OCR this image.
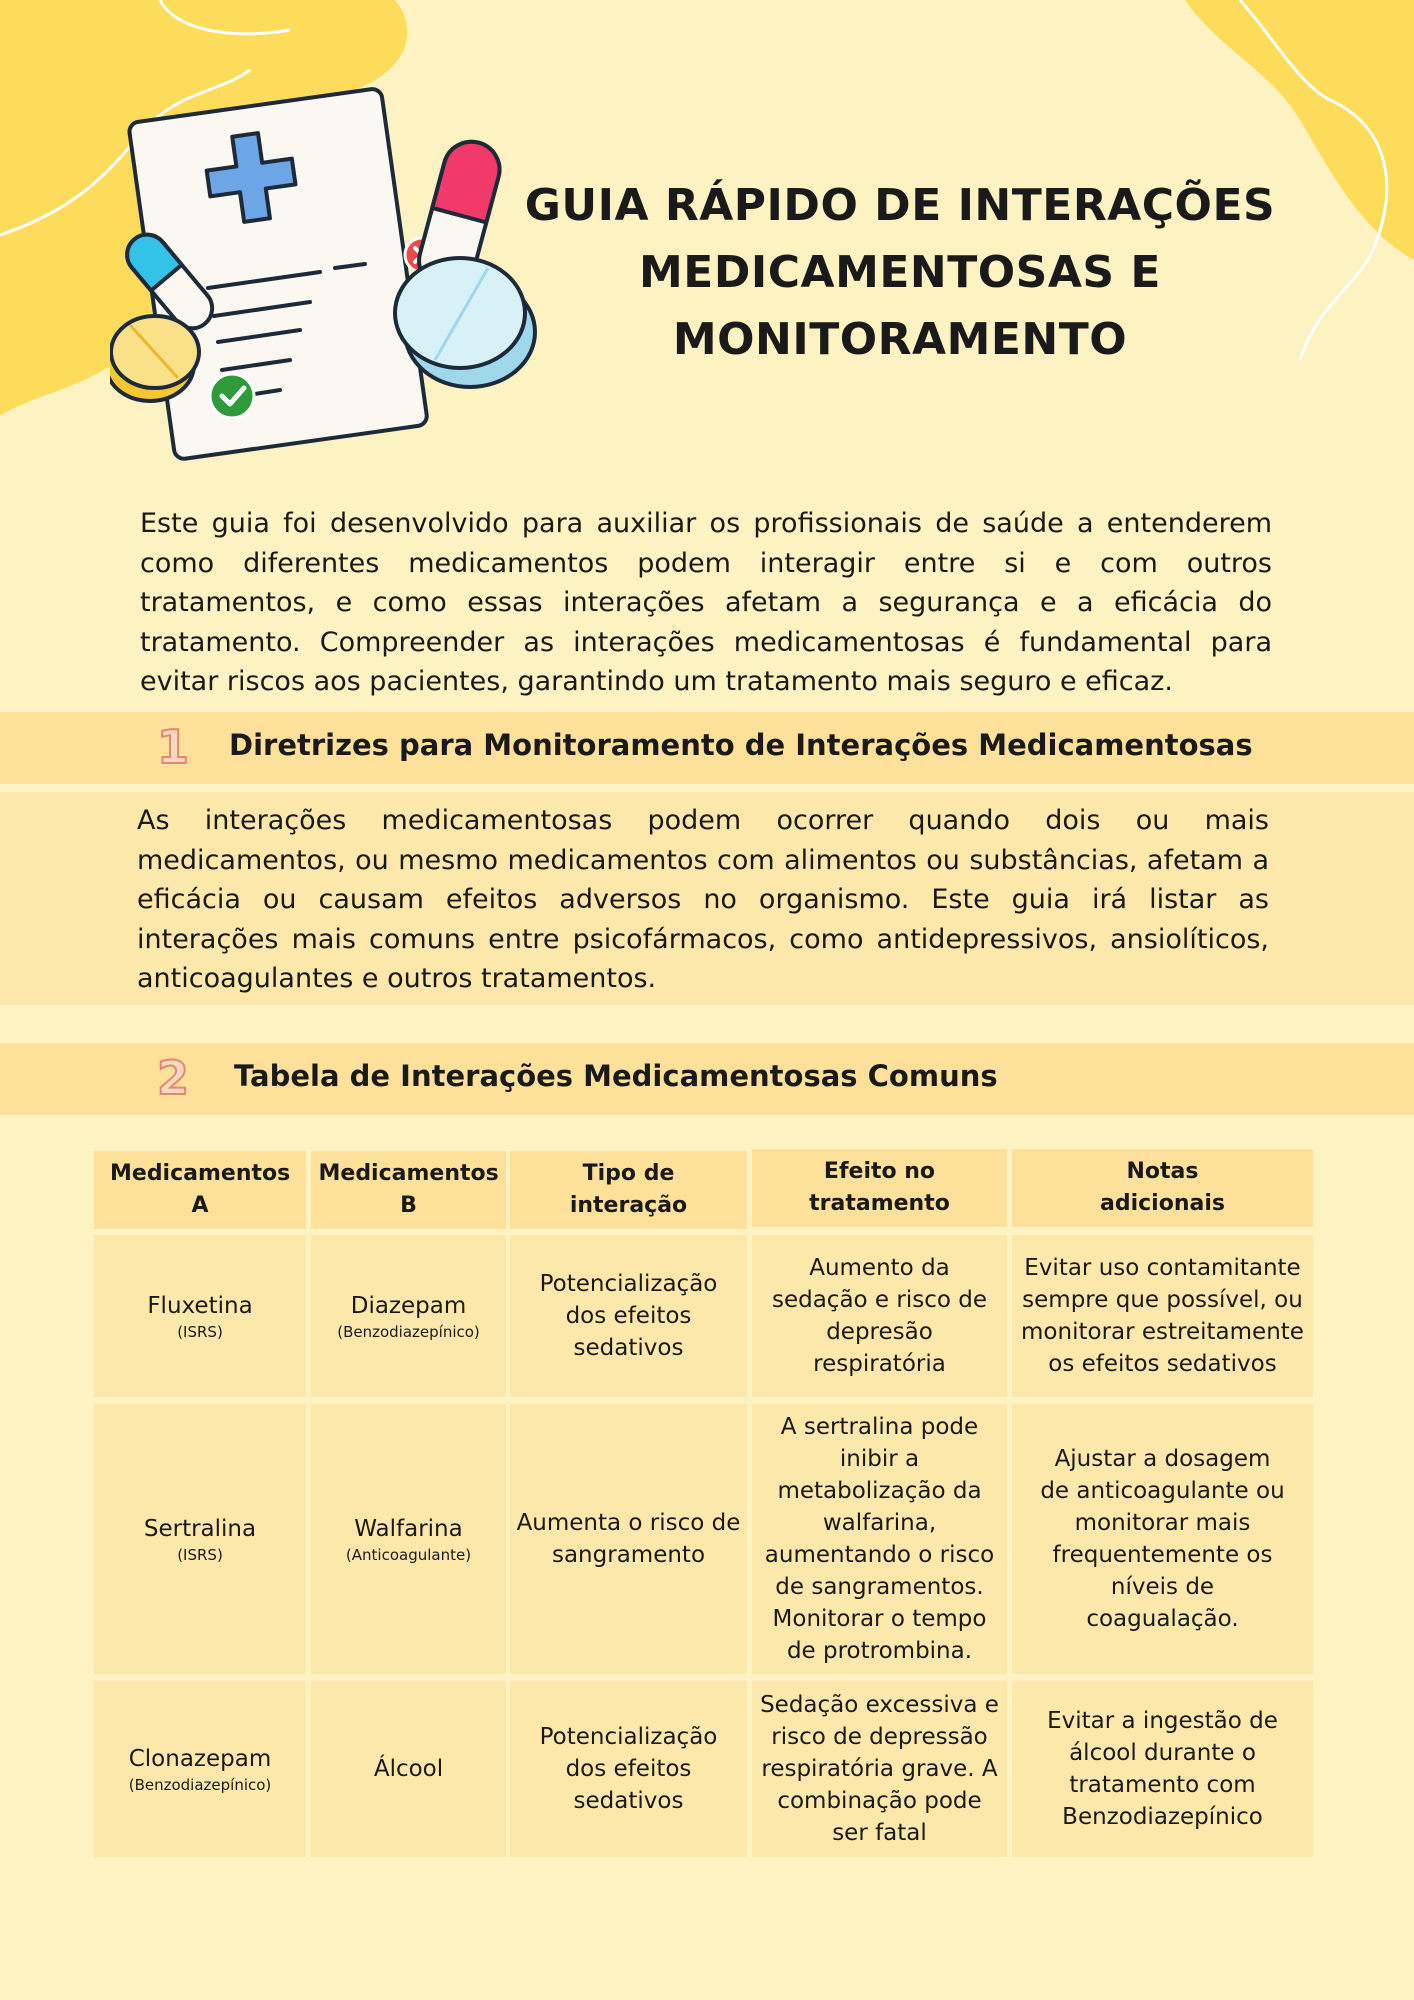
GUIA RÁPIDO DE INTERAÇÕES
MEDICAMENTOSAS E
MONITORAMENTO

Este guia foi desenvolvido para auxiliar os profissionais de saúde a entenderem como diferentes medicamentos podem interagir entre si e com outros tratamentos, e como essas interações afetam a segurança e a eficácia do tratamento. Compreender as interações medicamentosas é fundamental para evitar riscos aos pacientes, garantindo um tratamento mais seguro e eficaz.

1 Diretrizes para Monitoramento de Interações Medicamentosas

As interações medicamentosas podem ocorrer quando dois ou mais medicamentos, ou mesmo medicamentos com alimentos ou substâncias, afetam a eficácia ou causam efeitos adversos no organismo. Este guia irá listar as interações mais comuns entre psicofármacos, como antidepressivos, ansiolíticos, anticoagulantes e outros tratamentos.

2 Tabela de Interações Medicamentosas Comuns
Medicamentos A
Medicamentos B
Tipo de interação
Efeito no tratamento
Notas adicionais
Fluxetina
(ISRS)
Diazepam
(Benzodiazepínico)
Potencialização dos efeitos sedativos
Aumento da sedação e risco de depresão respiratória
Evitar uso contamitante sempre que possível, ou monitorar estreitamente os efeitos sedativos
Sertralina
(ISRS)
Walfarina
(Anticoagulante)
Aumenta o risco de sangramento
A sertralina pode inibir a metabolização da walfarina, aumentando o risco de sangramentos. Monitorar o tempo de protrombina.
Ajustar a dosagem de anticoagulante ou monitorar mais frequentemente os níveis de coagualação.
Clonazepam
(Benzodiazepínico)
Álcool
Potencialização dos efeitos sedativos
Sedação excessiva e risco de depressão respiratória grave. A combinação pode ser fatal
Evitar a ingestão de álcool durante o tratamento com Benzodiazepínico
